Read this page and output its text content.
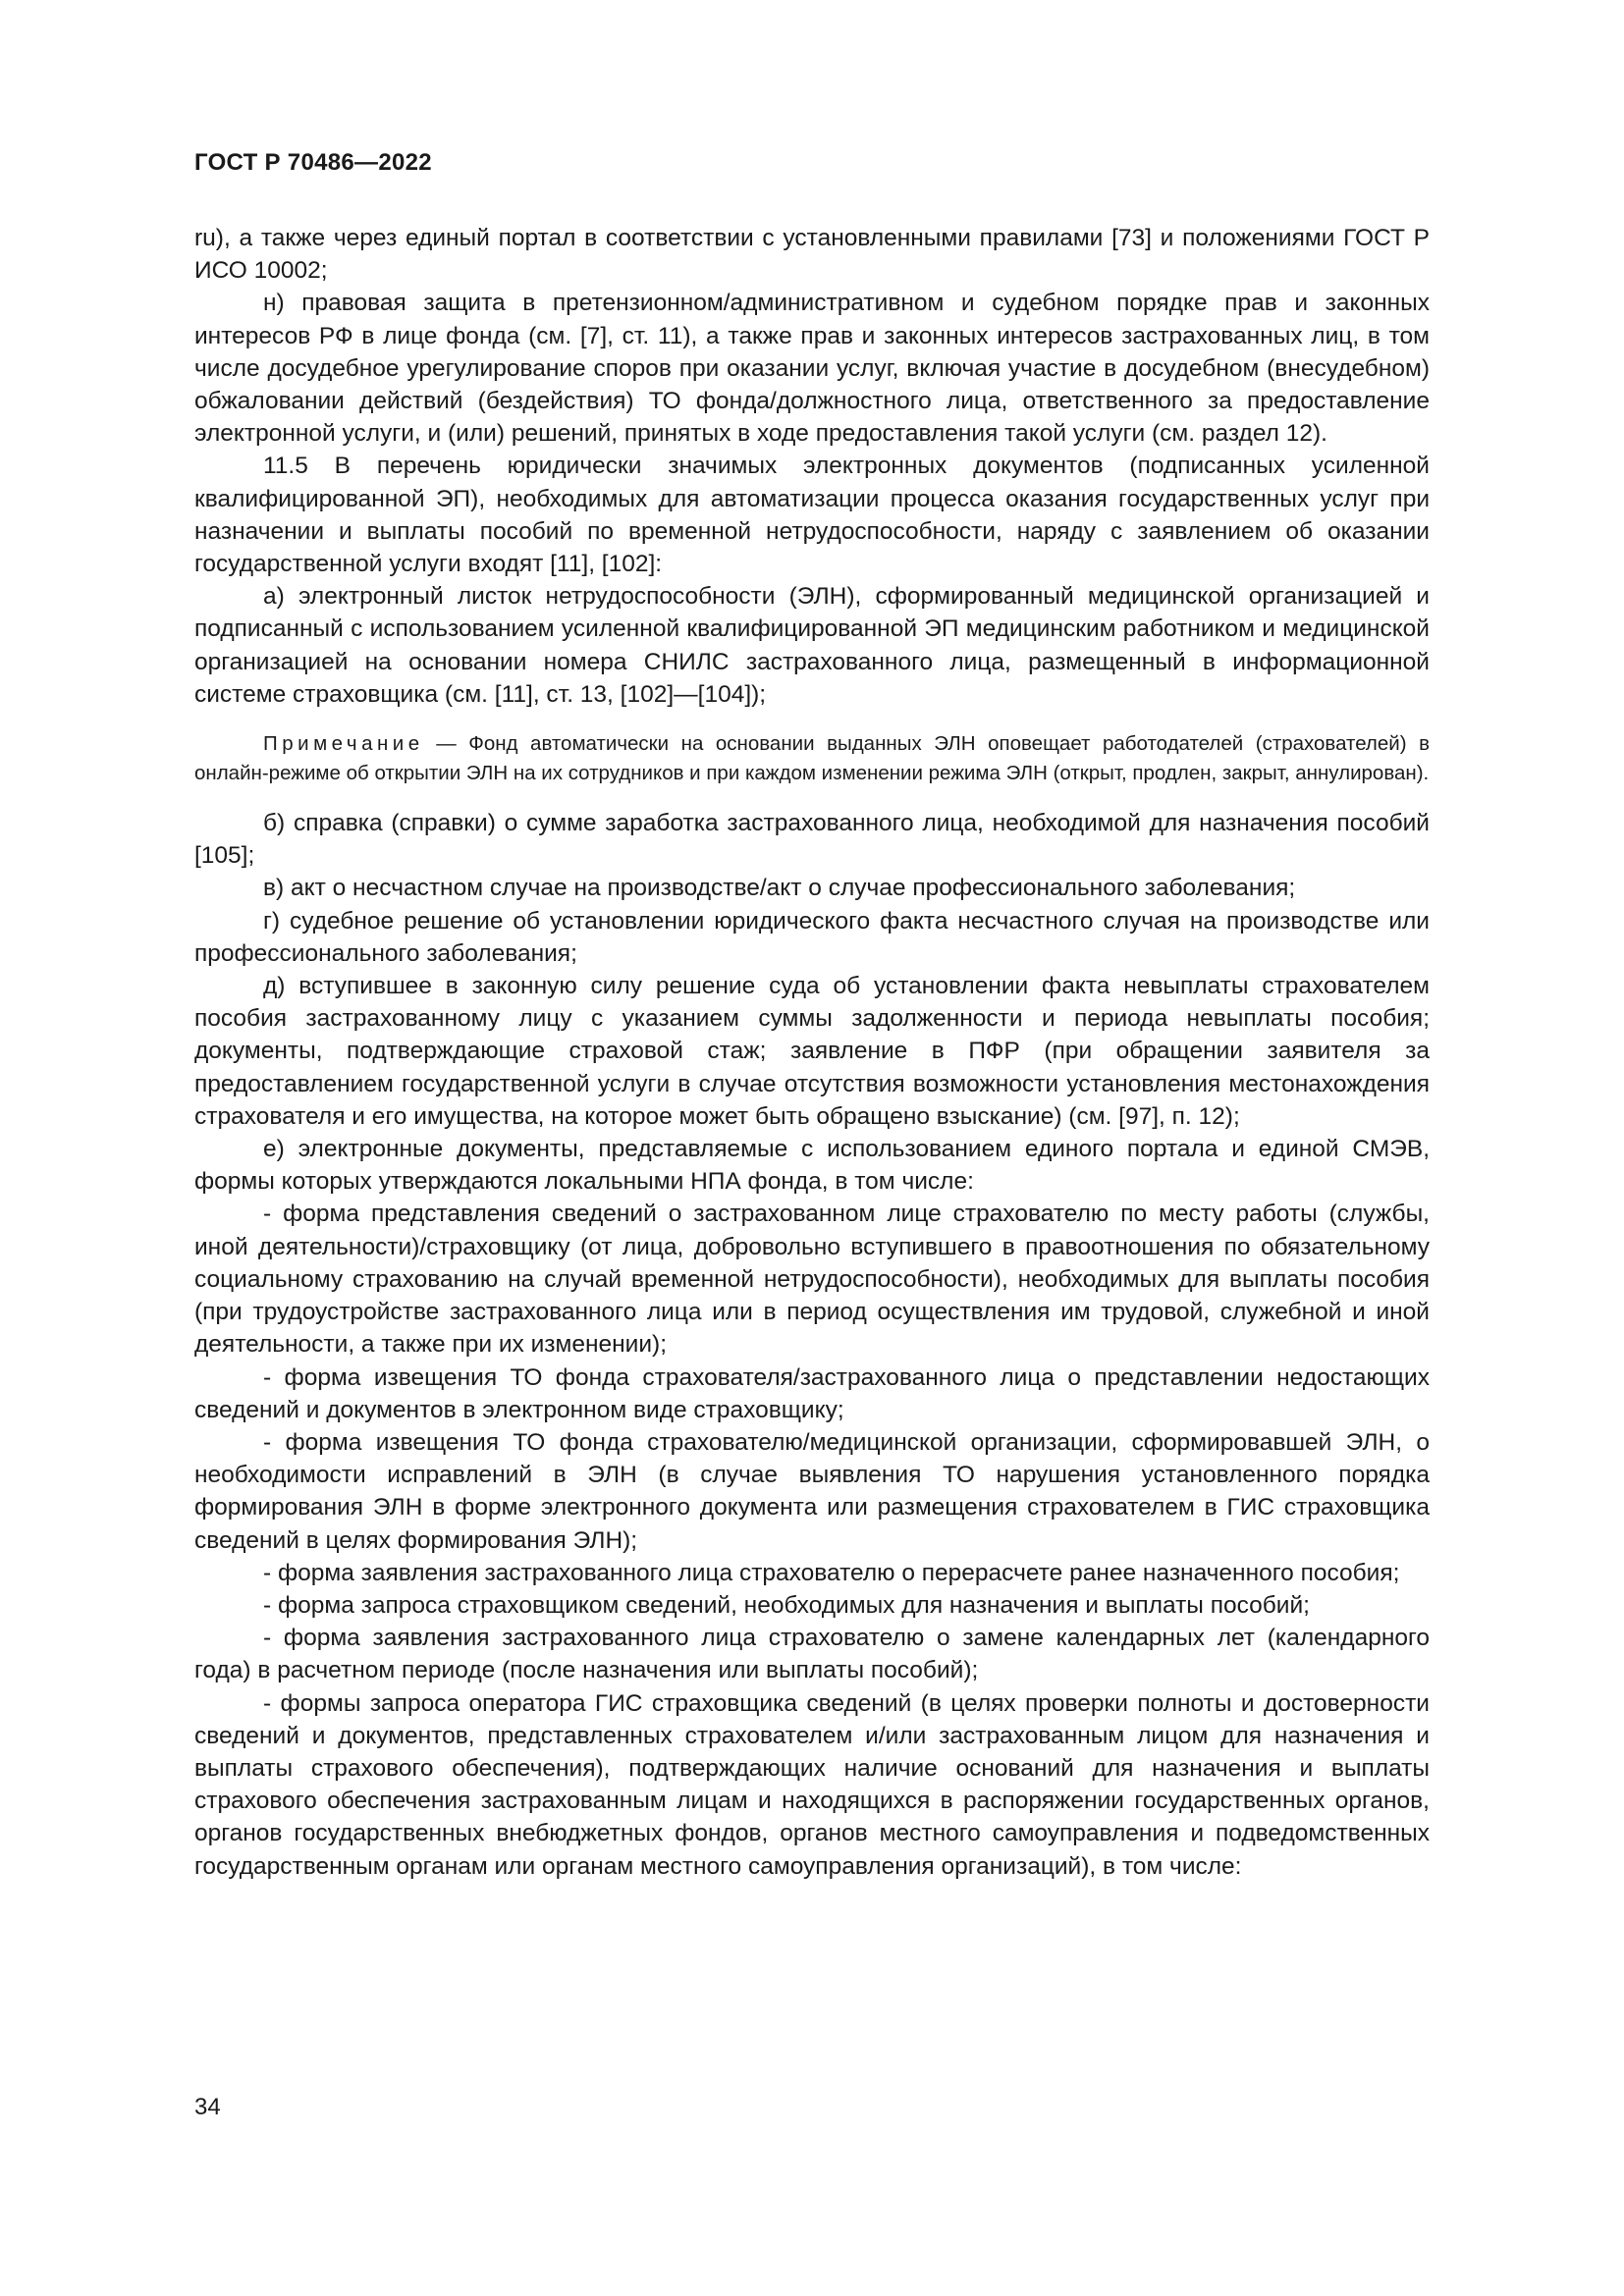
ГОСТ Р 70486—2022

ru), а также через единый портал в соответствии с установленными правилами [73] и положениями ГОСТ Р ИСО 10002;

н) правовая защита в претензионном/административном и судебном порядке прав и законных интересов РФ в лице фонда (см. [7], ст. 11), а также прав и законных интересов застрахованных лиц, в том числе досудебное урегулирование споров при оказании услуг, включая участие в досудебном (внесудебном) обжаловании действий (бездействия) ТО фонда/должностного лица, ответственного за предоставление электронной услуги, и (или) решений, принятых в ходе предоставления такой услуги (см. раздел 12).

11.5 В перечень юридически значимых электронных документов (подписанных усиленной квалифицированной ЭП), необходимых для автоматизации процесса оказания государственных услуг при назначении и выплаты пособий по временной нетрудоспособности, наряду с заявлением об оказании государственной услуги входят [11], [102]:

а) электронный листок нетрудоспособности (ЭЛН), сформированный медицинской организацией и подписанный с использованием усиленной квалифицированной ЭП медицинским работником и медицинской организацией на основании номера СНИЛС застрахованного лица, размещенный в информационной системе страховщика (см. [11], ст. 13, [102]—[104]);

Примечание — Фонд автоматически на основании выданных ЭЛН оповещает работодателей (страхователей) в онлайн-режиме об открытии ЭЛН на их сотрудников и при каждом изменении режима ЭЛН (открыт, продлен, закрыт, аннулирован).

б) справка (справки) о сумме заработка застрахованного лица, необходимой для назначения пособий [105];

в) акт о несчастном случае на производстве/акт о случае профессионального заболевания;

г) судебное решение об установлении юридического факта несчастного случая на производстве или профессионального заболевания;

д) вступившее в законную силу решение суда об установлении факта невыплаты страхователем пособия застрахованному лицу с указанием суммы задолженности и периода невыплаты пособия; документы, подтверждающие страховой стаж; заявление в ПФР (при обращении заявителя за предоставлением государственной услуги в случае отсутствия возможности установления местонахождения страхователя и его имущества, на которое может быть обращено взыскание) (см. [97], п. 12);

е) электронные документы, представляемые с использованием единого портала и единой СМЭВ, формы которых утверждаются локальными НПА фонда, в том числе:

- форма представления сведений о застрахованном лице страхователю по месту работы (службы, иной деятельности)/страховщику (от лица, добровольно вступившего в правоотношения по обязательному социальному страхованию на случай временной нетрудоспособности), необходимых для выплаты пособия (при трудоустройстве застрахованного лица или в период осуществления им трудовой, служебной и иной деятельности, а также при их изменении);

- форма извещения ТО фонда страхователя/застрахованного лица о представлении недостающих сведений и документов в электронном виде страховщику;

- форма извещения ТО фонда страхователю/медицинской организации, сформировавшей ЭЛН, о необходимости исправлений в ЭЛН (в случае выявления ТО нарушения установленного порядка формирования ЭЛН в форме электронного документа или размещения страхователем в ГИС страховщика сведений в целях формирования ЭЛН);

- форма заявления застрахованного лица страхователю о перерасчете ранее назначенного пособия;

- форма запроса страховщиком сведений, необходимых для назначения и выплаты пособий;

- форма заявления застрахованного лица страхователю о замене календарных лет (календарного года) в расчетном периоде (после назначения или выплаты пособий);

- формы запроса оператора ГИС страховщика сведений (в целях проверки полноты и достоверности сведений и документов, представленных страхователем и/или застрахованным лицом для назначения и выплаты страхового обеспечения), подтверждающих наличие оснований для назначения и выплаты страхового обеспечения застрахованным лицам и находящихся в распоряжении государственных органов, органов государственных внебюджетных фондов, органов местного самоуправления и подведомственных государственным органам или органам местного самоуправления организаций), в том числе:

34
